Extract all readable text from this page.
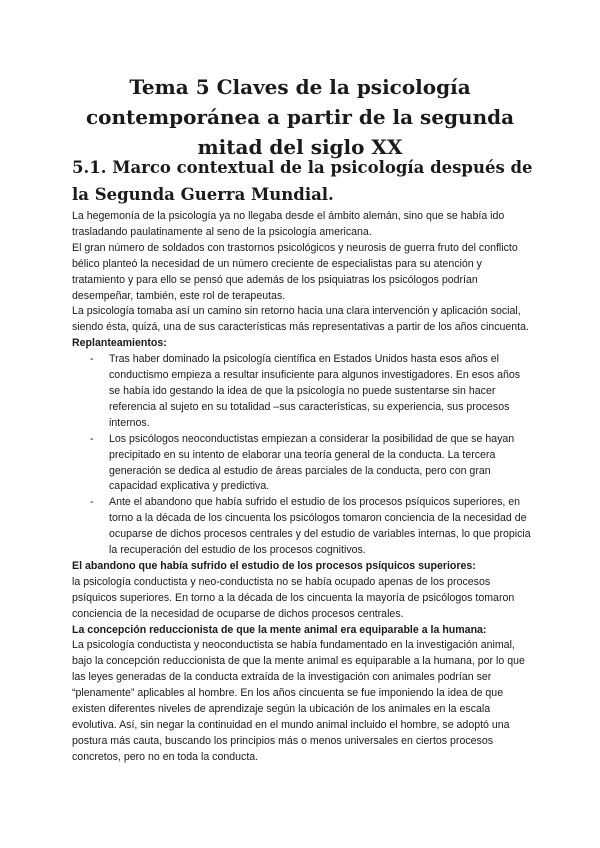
Tema 5 Claves de la psicología contemporánea a partir de la segunda mitad del siglo XX
5.1. Marco contextual de la psicología después de la Segunda Guerra Mundial.

La hegemonía de la psicología ya no llegaba desde el ámbito alemán, sino que se había ido trasladando paulatinamente al seno de la psicología americana.

El gran número de soldados con trastornos psicológicos y neurosis de guerra fruto del conflicto bélico planteó la necesidad de un número creciente de especialistas para su atención y tratamiento y para ello se pensó que además de los psiquiatras los psicólogos podrían desempeñar, también, este rol de terapeutas.

La psicología tomaba así un camino sin retorno hacia una clara intervención y aplicación social, siendo ésta, quizá, una de sus características más representativas a partir de los años cincuenta.

Replanteamientos:

- Tras haber dominado la psicología científica en Estados Unidos hasta esos años el conductismo empieza a resultar insuficiente para algunos investigadores. En esos años se había ido gestando la idea de que la psicología no puede sustentarse sin hacer referencia al sujeto en su totalidad –sus características, su experiencia, sus procesos internos.
- Los psicólogos neoconductistas empiezan a considerar la posibilidad de que se hayan precipitado en su intento de elaborar una teoría general de la conducta. La tercera generación se dedica al estudio de áreas parciales de la conducta, pero con gran capacidad explicativa y predictiva.
- Ante el abandono que había sufrido el estudio de los procesos psíquicos superiores, en torno a la década de los cincuenta los psicólogos tomaron conciencia de la necesidad de ocuparse de dichos procesos centrales y del estudio de variables internas, lo que propicia la recuperación del estudio de los procesos cognitivos.

El abandono que había sufrido el estudio de los procesos psíquicos superiores:

la psicología conductista y neo-conductista no se había ocupado apenas de los procesos psíquicos superiores. En torno a la década de los cincuenta la mayoría de psicólogos tomaron conciencia de la necesidad de ocuparse de dichos procesos centrales.

La concepción reduccionista de que la mente animal era equiparable a la humana:

La psicología conductista y neoconductista se había fundamentado en la investigación animal, bajo la concepción reduccionista de que la mente animal es equiparable a la humana, por lo que las leyes generadas de la conducta extraída de la investigación con animales podrían ser “plenamente” aplicables al hombre. En los años cincuenta se fue imponiendo la idea de que existen diferentes niveles de aprendizaje según la ubicación de los animales en la escala evolutiva. Así, sin negar la continuidad en el mundo animal incluido el hombre, se adoptó una postura más cauta, buscando los principios más o menos universales en ciertos procesos concretos, pero no en toda la conducta.
